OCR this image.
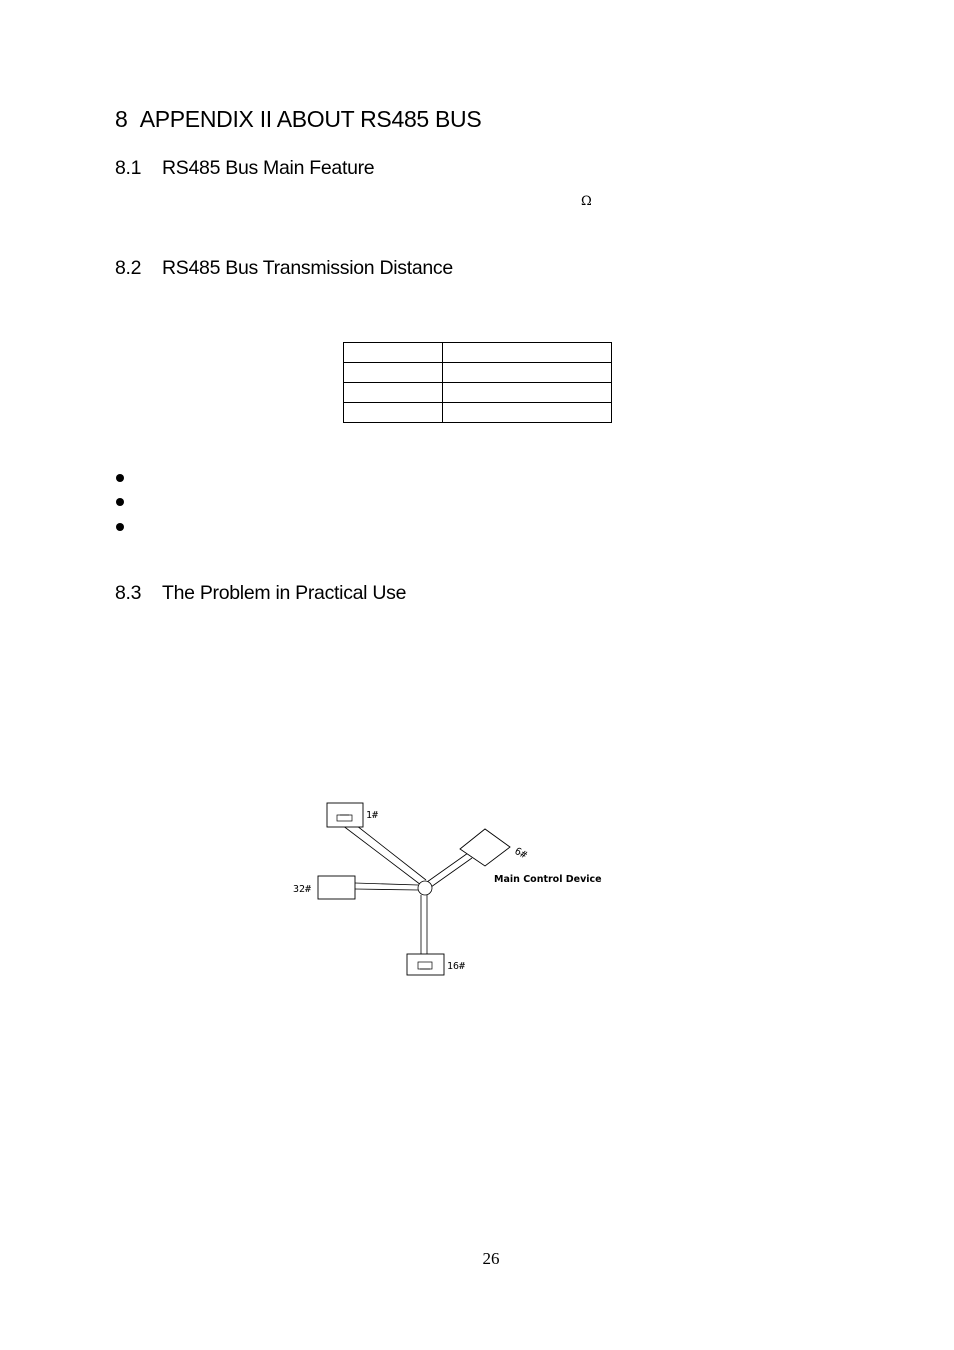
8 APPENDIX II ABOUT RS485 BUS
8.1 RS485 Bus Main Feature
Ω
8.2 RS485 Bus Transmission Distance

8.3 The Problem in Practical Use
1#
6#
Main Control Device
32#
16#
26
